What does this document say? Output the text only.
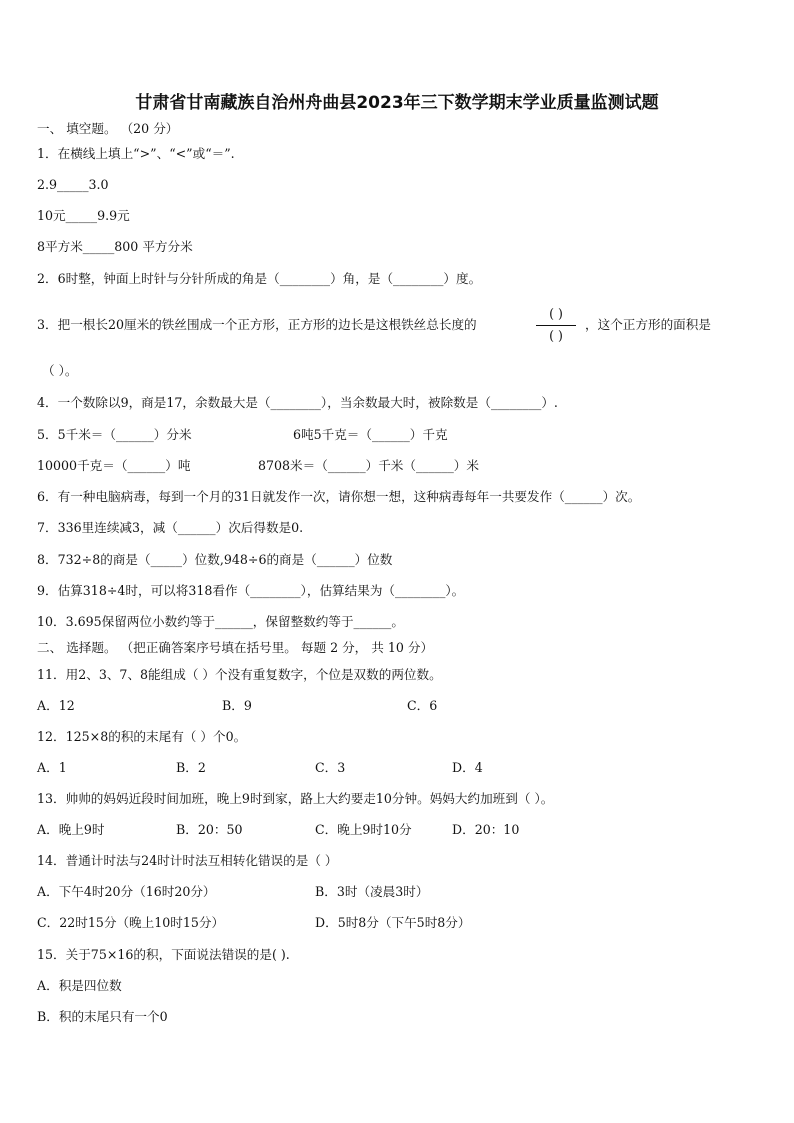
甘肃省甘南藏族自治州舟曲县2023年三下数学期末学业质量监测试题
一、 填空题。 （20 分）
1．在横线上填上“>”、“<”或“＝”.
2.9_____3.0
10元_____9.9元
8平方米_____800 平方分米
2．6时整，钟面上时针与分针所成的角是（________）角，是（________）度。
3．把一根长20厘米的铁丝围成一个正方形，正方形的边长是这根铁丝总长度的
( )
( )
，这个正方形的面积是
（ ）。
4．一个数除以9，商是17，余数最大是（________），当余数最大时，被除数是（________）.
5．5千米＝（______）分米	6吨5千克＝（______）千克
10000千克＝（______）吨	8708米＝（______）千米（______）米
6．有一种电脑病毒，每到一个月的31日就发作一次，请你想一想，这种病毒每年一共要发作（______）次。
7．336里连续减3，减（______）次后得数是0.
8．732÷8的商是（_____）位数,948÷6的商是（______）位数
9．估算318÷4时，可以将318看作（________），估算结果为（________）。
10．3.695保留两位小数约等于______，保留整数约等于______。
二、 选择题。 （把正确答案序号填在括号里。 每题 2 分， 共 10 分）
11．用2、3、7、8能组成（ ）个没有重复数字，个位是双数的两位数。
A．12	B．9	C．6
12．125×8的积的末尾有（ ）个0。
A．1	B．2	C．3	D．4
13．帅帅的妈妈近段时间加班，晚上9时到家，路上大约要走10分钟。妈妈大约加班到（ ）。
A．晚上9时	B．20：50	C．晚上9时10分	D．20：10
14．普通计时法与24时计时法互相转化错误的是（ ）
A．下午4时20分（16时20分）	B．3时（凌晨3时）
C．22时15分（晚上10时15分）	D．5时8分（下午5时8分）
15．关于75×16的积，下面说法错误的是( ).
A．积是四位数
B．积的末尾只有一个0
